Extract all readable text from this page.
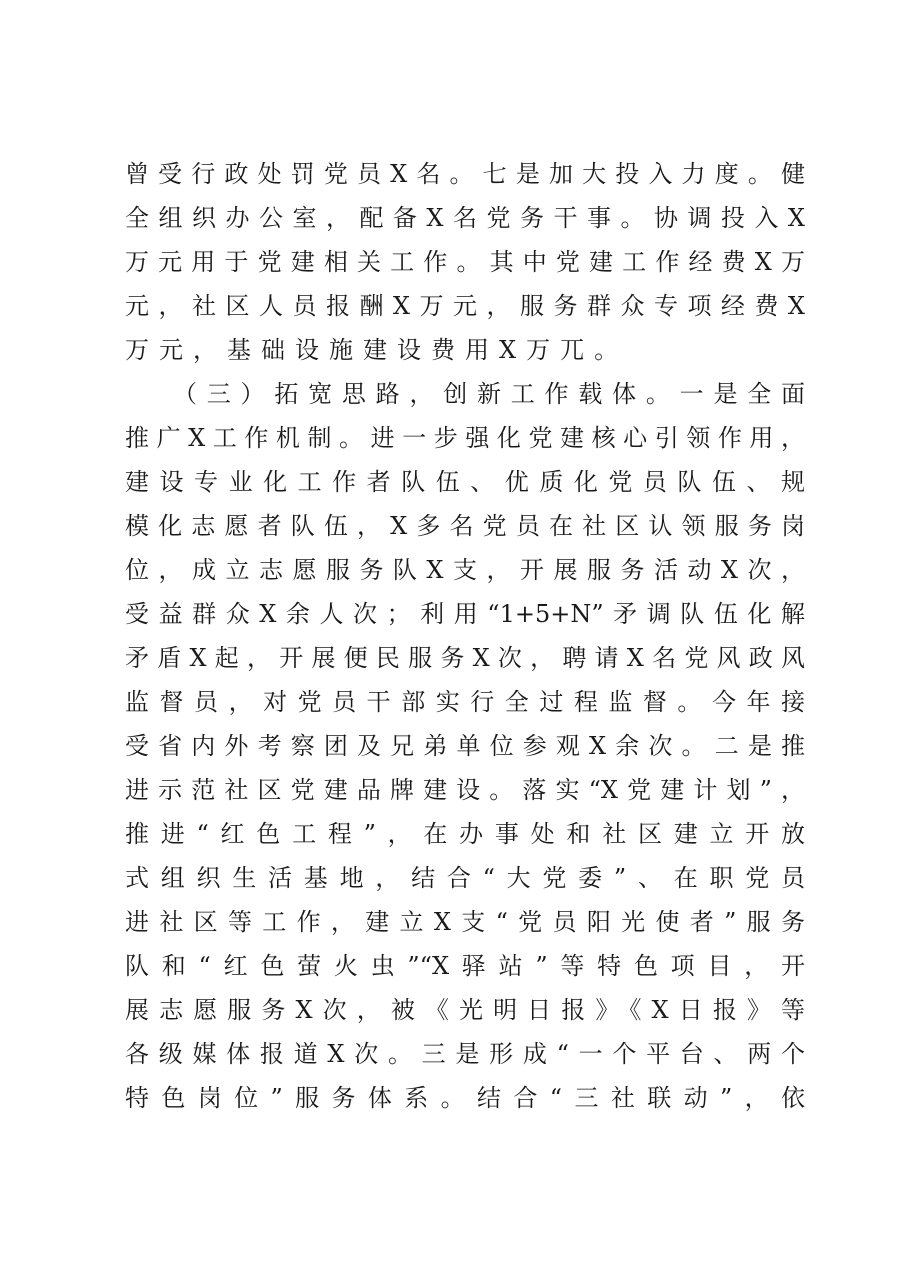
曾受行政处罚党员X名。七是加大投入力度。健
全组织办公室，配备X名党务干事。协调投入X
万元用于党建相关工作。其中党建工作经费X万
元，社区人员报酬X万元，服务群众专项经费X
万元，基础设施建设费用X万兀。
（三）拓宽思路，创新工作载体。一是全面
推广X工作机制。进一步强化党建核心引领作用，
建设专业化工作者队伍、优质化党员队伍、规
模化志愿者队伍，X多名党员在社区认领服务岗
位，成立志愿服务队X支，开展服务活动X次，
受益群众X余人次；利用“1+5+N”矛调队伍化解
矛盾X起，开展便民服务X次，聘请X名党风政风
监督员，对党员干部实行全过程监督。今年接
受省内外考察团及兄弟单位参观X余次。二是推
进示范社区党建品牌建设。落实“X党建计划”，
推进“红色工程”，在办事处和社区建立开放
式组织生活基地，结合“大党委”、在职党员
进社区等工作，建立X支“党员阳光使者”服务
队和“红色萤火虫”“X驿站”等特色项目，开
展志愿服务X次，被《光明日报》《X日报》等
各级媒体报道X次。三是形成“一个平台、两个
特色岗位”服务体系。结合“三社联动”，依
